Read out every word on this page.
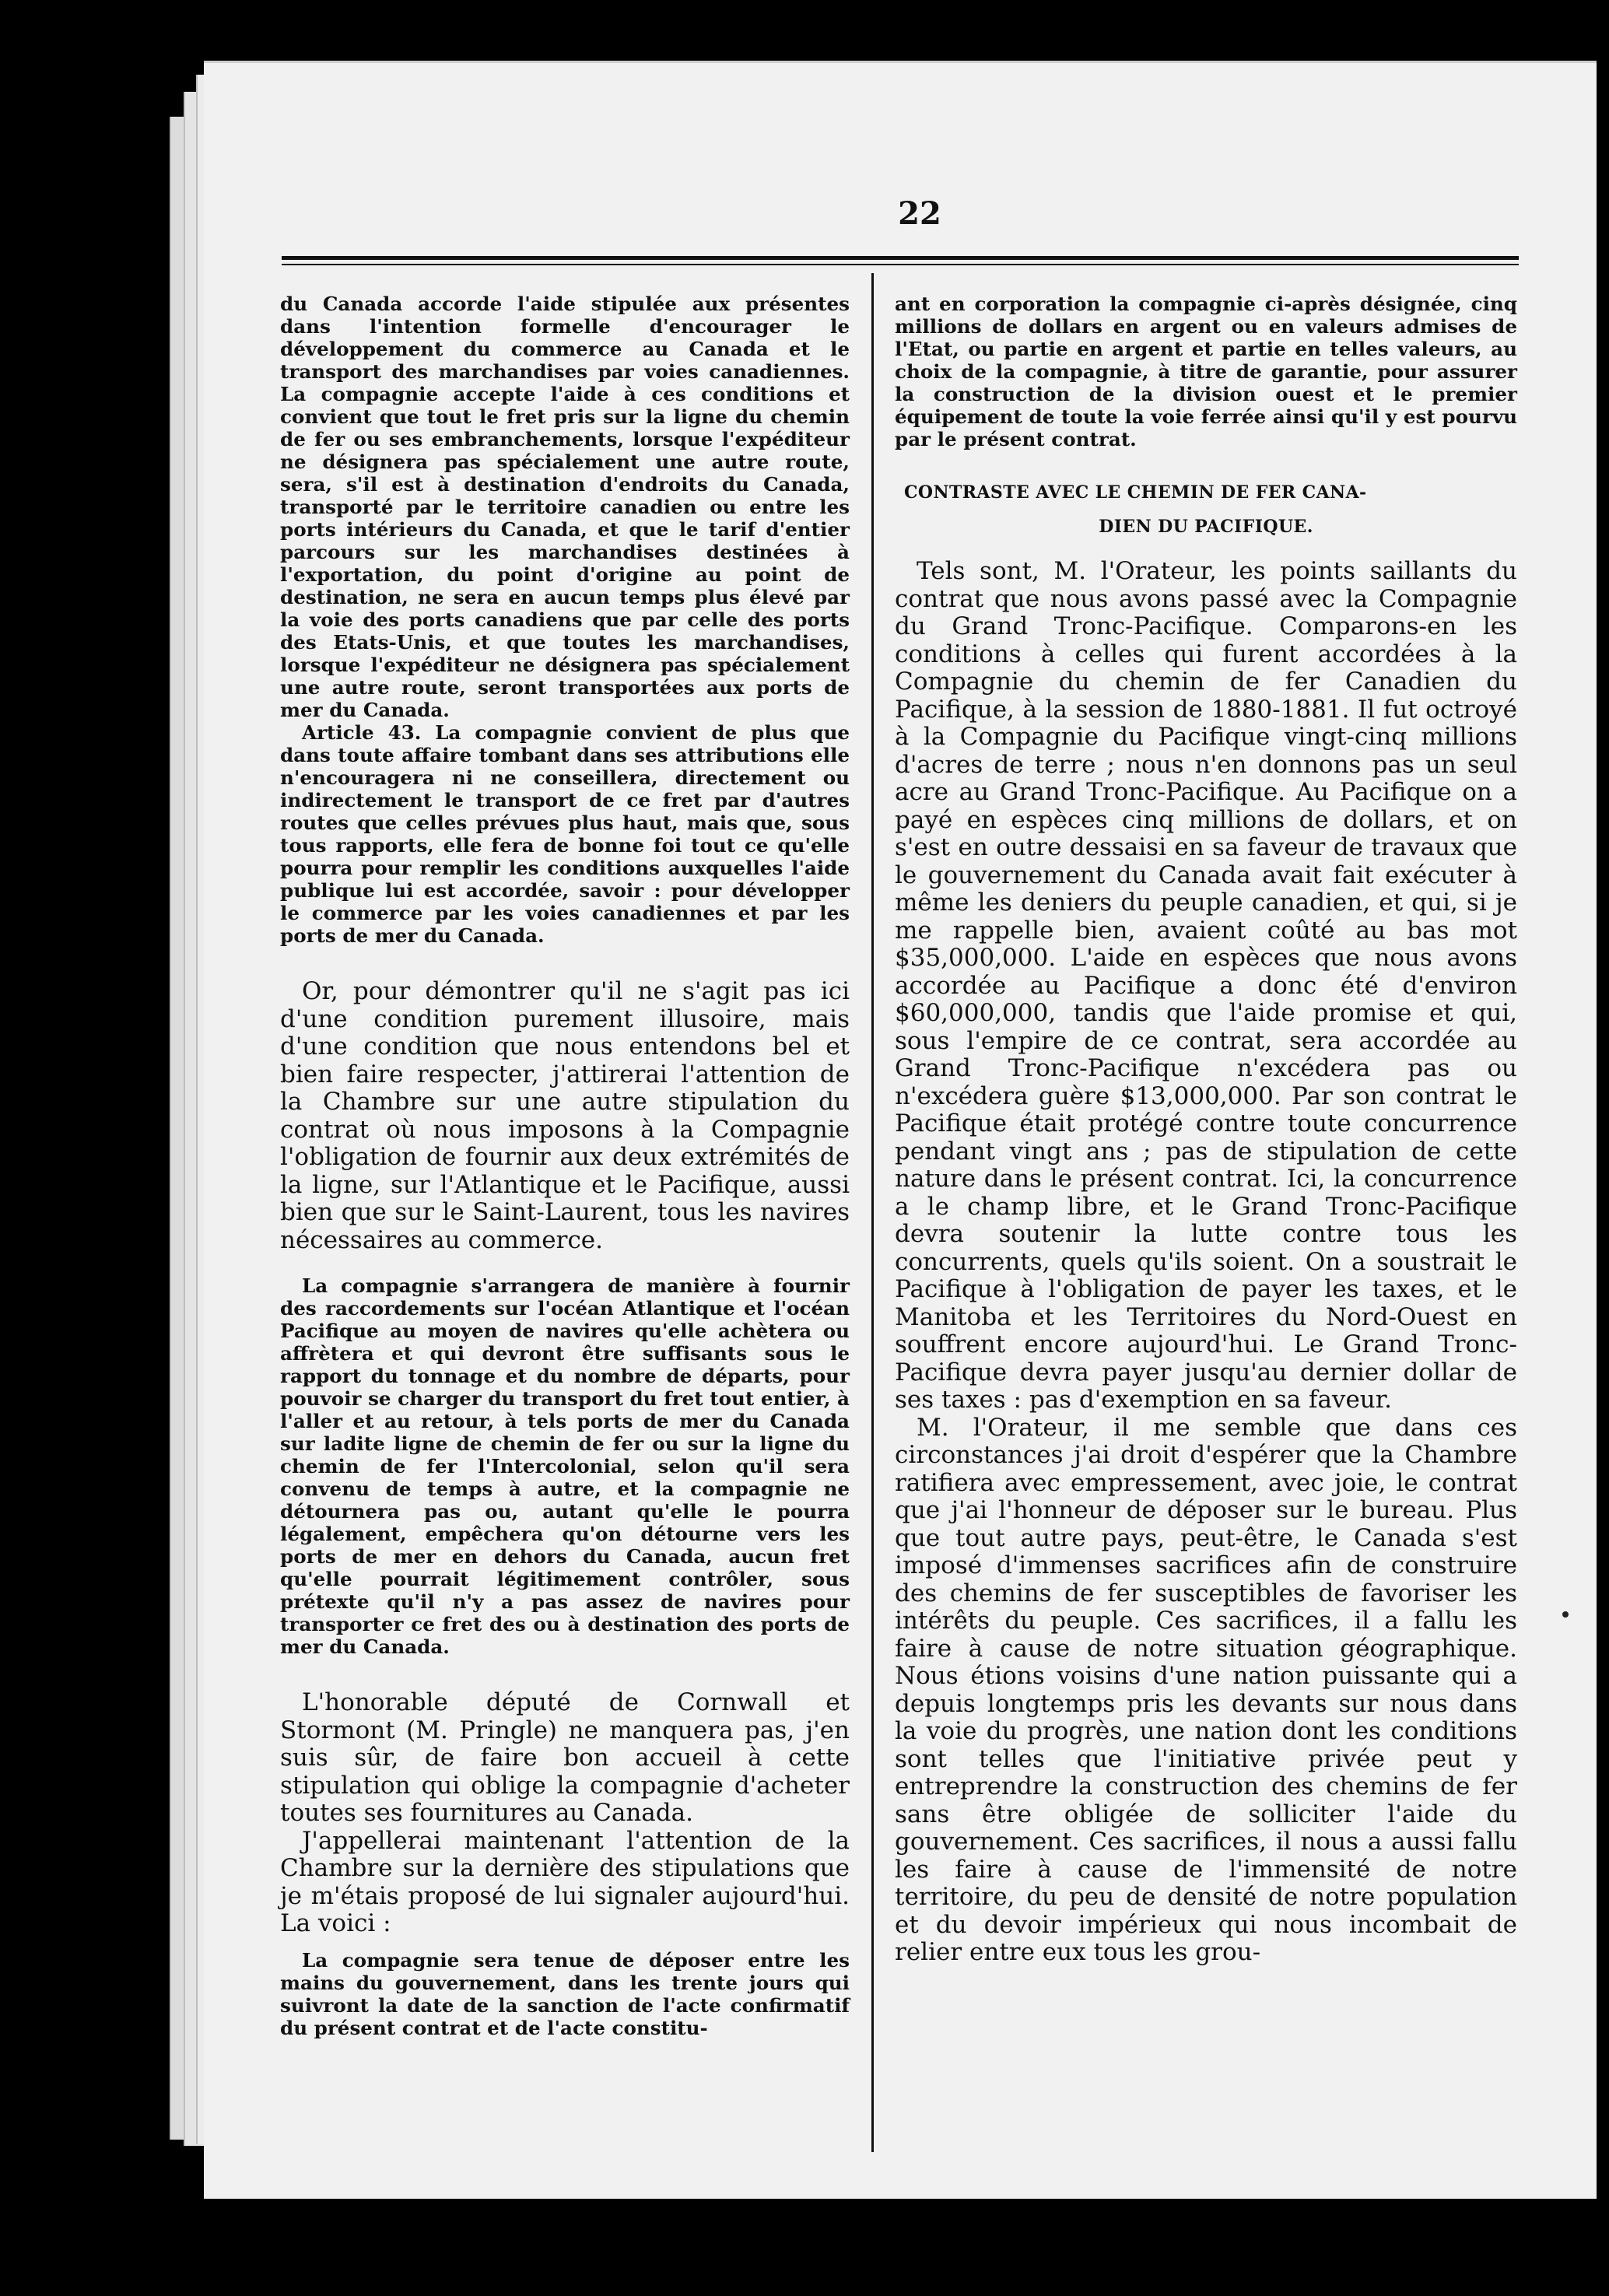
22

du Canada accorde l'aide stipulée aux présentes dans l'intention formelle d'encourager le développement du commerce au Canada et le transport des marchandises par voies canadiennes. La compagnie accepte l'aide à ces conditions et convient que tout le fret pris sur la ligne du chemin de fer ou ses embranchements, lorsque l'expéditeur ne désignera pas spécialement une autre route, sera, s'il est à destination d'endroits du Canada, transporté par le territoire canadien ou entre les ports intérieurs du Canada, et que le tarif d'entier parcours sur les marchandises destinées à l'exportation, du point d'origine au point de destination, ne sera en aucun temps plus élevé par la voie des ports canadiens que par celle des ports des Etats-Unis, et que toutes les marchandises, lorsque l'expéditeur ne désignera pas spécialement une autre route, seront transportées aux ports de mer du Canada.

Article 43. La compagnie convient de plus que dans toute affaire tombant dans ses attributions elle n'encouragera ni ne conseillera, directement ou indirectement le transport de ce fret par d'autres routes que celles prévues plus haut, mais que, sous tous rapports, elle fera de bonne foi tout ce qu'elle pourra pour remplir les conditions auxquelles l'aide publique lui est accordée, savoir : pour développer le commerce par les voies canadiennes et par les ports de mer du Canada.

Or, pour démontrer qu'il ne s'agit pas ici d'une condition purement illusoire, mais d'une condition que nous entendons bel et bien faire respecter, j'attirerai l'attention de la Chambre sur une autre stipulation du contrat où nous imposons à la Compagnie l'obligation de fournir aux deux extrémités de la ligne, sur l'Atlantique et le Pacifique, aussi bien que sur le Saint-Laurent, tous les navires nécessaires au commerce.

La compagnie s'arrangera de manière à fournir des raccordements sur l'océan Atlantique et l'océan Pacifique au moyen de navires qu'elle achètera ou affrètera et qui devront être suffisants sous le rapport du tonnage et du nombre de départs, pour pouvoir se charger du transport du fret tout entier, à l'aller et au retour, à tels ports de mer du Canada sur ladite ligne de chemin de fer ou sur la ligne du chemin de fer l'Intercolonial, selon qu'il sera convenu de temps à autre, et la compagnie ne détournera pas ou, autant qu'elle le pourra légalement, empêchera qu'on détourne vers les ports de mer en dehors du Canada, aucun fret qu'elle pourrait légitimement contrôler, sous prétexte qu'il n'y a pas assez de navires pour transporter ce fret des ou à destination des ports de mer du Canada.

L'honorable député de Cornwall et Stormont (M. Pringle) ne manquera pas, j'en suis sûr, de faire bon accueil à cette stipulation qui oblige la compagnie d'acheter toutes ses fournitures au Canada.

J'appellerai maintenant l'attention de la Chambre sur la dernière des stipulations que je m'étais proposé de lui signaler aujourd'hui. La voici :

La compagnie sera tenue de déposer entre les mains du gouvernement, dans les trente jours qui suivront la date de la sanction de l'acte confirmatif du présent contrat et de l'acte constitu-

ant en corporation la compagnie ci-après désignée, cinq millions de dollars en argent ou en valeurs admises de l'Etat, ou partie en argent et partie en telles valeurs, au choix de la compagnie, à titre de garantie, pour assurer la construction de la division ouest et le premier équipement de toute la voie ferrée ainsi qu'il y est pourvu par le présent contrat.

CONTRASTE AVEC LE CHEMIN DE FER CANA-

DIEN DU PACIFIQUE.

Tels sont, M. l'Orateur, les points saillants du contrat que nous avons passé avec la Compagnie du Grand Tronc-Pacifique. Comparons-en les conditions à celles qui furent accordées à la Compagnie du chemin de fer Canadien du Pacifique, à la session de 1880-1881. Il fut octroyé à la Compagnie du Pacifique vingt-cinq millions d'acres de terre ; nous n'en donnons pas un seul acre au Grand Tronc-Pacifique. Au Pacifique on a payé en espèces cinq millions de dollars, et on s'est en outre dessaisi en sa faveur de travaux que le gouvernement du Canada avait fait exécuter à même les deniers du peuple canadien, et qui, si je me rappelle bien, avaient coûté au bas mot $35,000,000. L'aide en espèces que nous avons accordée au Pacifique a donc été d'environ $60,000,000, tandis que l'aide promise et qui, sous l'empire de ce contrat, sera accordée au Grand Tronc-Pacifique n'excédera pas ou n'excédera guère $13,000,000. Par son contrat le Pacifique était protégé contre toute concurrence pendant vingt ans ; pas de stipulation de cette nature dans le présent contrat. Ici, la concurrence a le champ libre, et le Grand Tronc-Pacifique devra soutenir la lutte contre tous les concurrents, quels qu'ils soient. On a soustrait le Pacifique à l'obligation de payer les taxes, et le Manitoba et les Territoires du Nord-Ouest en souffrent encore aujourd'hui. Le Grand Tronc-Pacifique devra payer jusqu'au dernier dollar de ses taxes : pas d'exemption en sa faveur.

M. l'Orateur, il me semble que dans ces circonstances j'ai droit d'espérer que la Chambre ratifiera avec empressement, avec joie, le contrat que j'ai l'honneur de déposer sur le bureau. Plus que tout autre pays, peut-être, le Canada s'est imposé d'immenses sacrifices afin de construire des chemins de fer susceptibles de favoriser les intérêts du peuple. Ces sacrifices, il a fallu les faire à cause de notre situation géographique. Nous étions voisins d'une nation puissante qui a depuis longtemps pris les devants sur nous dans la voie du progrès, une nation dont les conditions sont telles que l'initiative privée peut y entreprendre la construction des chemins de fer sans être obligée de solliciter l'aide du gouvernement. Ces sacrifices, il nous a aussi fallu les faire à cause de l'immensité de notre territoire, du peu de densité de notre population et du devoir impérieux qui nous incombait de relier entre eux tous les grou-
